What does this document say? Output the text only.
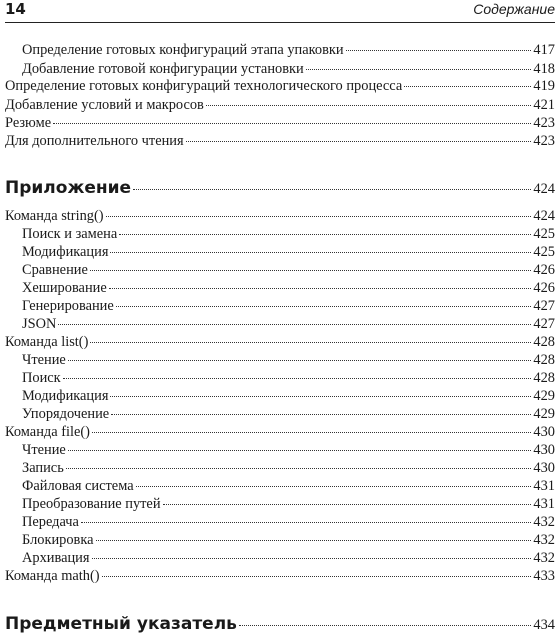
14	Содержание
Определение готовых конфигураций этапа упаковки	417
Добавление готовой конфигурации установки	418
Определение готовых конфигураций технологического процесса	419
Добавление условий и макросов	421
Резюме	423
Для дополнительного чтения	423
Приложение	424
Команда string()	424
Поиск и замена	425
Модификация	425
Сравнение	426
Хеширование	426
Генерирование	427
JSON	427
Команда list()	428
Чтение	428
Поиск	428
Модификация	429
Упорядочение	429
Команда file()	430
Чтение	430
Запись	430
Файловая система	431
Преобразование путей	431
Передача	432
Блокировка	432
Архивация	432
Команда math()	433
Предметный указатель	434
